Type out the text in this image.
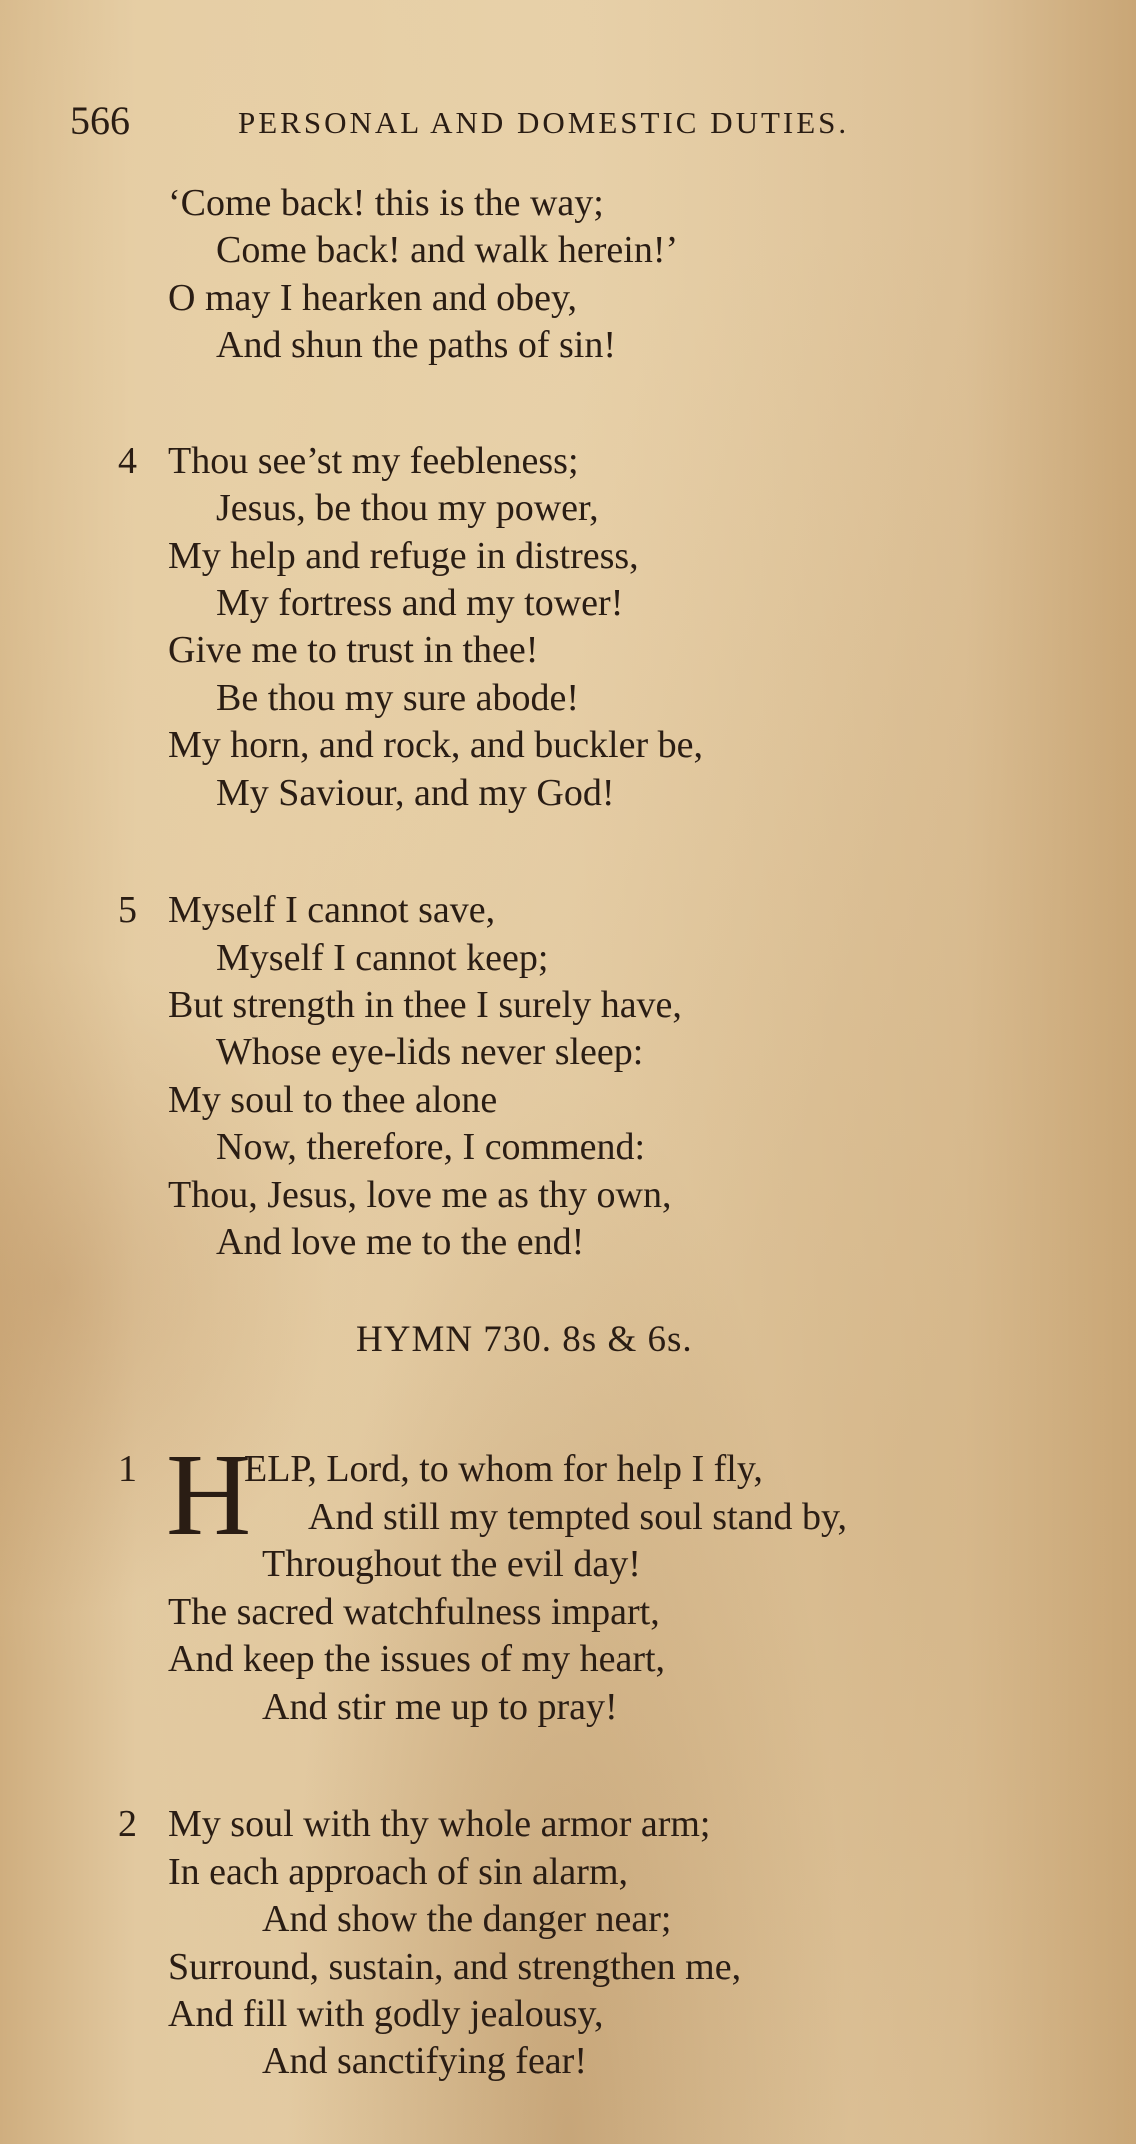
566	PERSONAL AND DOMESTIC DUTIES.
‘Come back! this is the way;
Come back! and walk herein!’
O may I hearken and obey,
And shun the paths of sin!
4 Thou see’st my feebleness;
Jesus, be thou my power,
My help and refuge in distress,
My fortress and my tower!
Give me to trust in thee!
Be thou my sure abode!
My horn, and rock, and buckler be,
My Saviour, and my God!
5 Myself I cannot save,
Myself I cannot keep;
But strength in thee I surely have,
Whose eye-lids never sleep:
My soul to thee alone
Now, therefore, I commend:
Thou, Jesus, love me as thy own,
And love me to the end!
HYMN 730. 8s & 6s.
1 H
ELP, Lord, to whom for help I fly,
And still my tempted soul stand by,
Throughout the evil day!
The sacred watchfulness impart,
And keep the issues of my heart,
And stir me up to pray!
2 My soul with thy whole armor arm;
In each approach of sin alarm,
And show the danger near;
Surround, sustain, and strengthen me,
And fill with godly jealousy,
And sanctifying fear!
